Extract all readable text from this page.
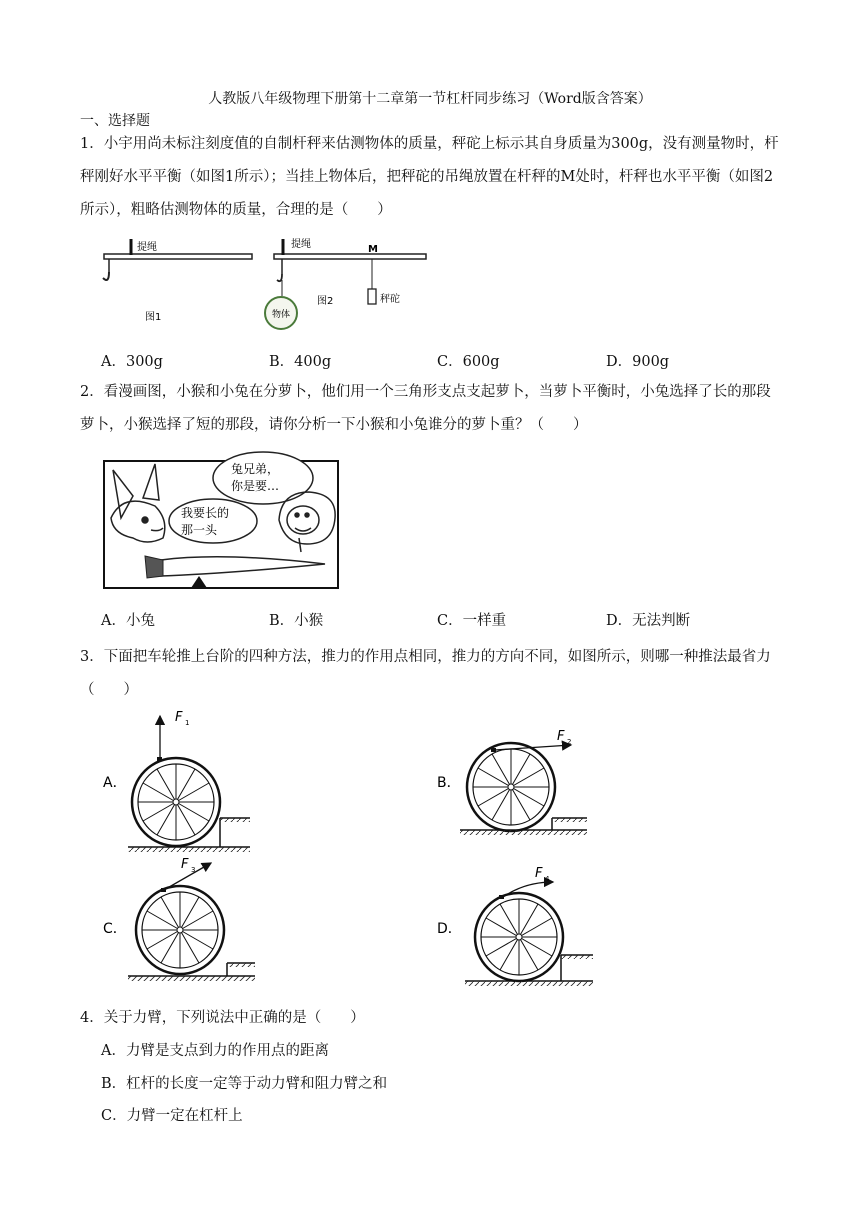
人教版八年级物理下册第十二章第一节杠杆同步练习（Word版含答案）
一、选择题
1．小宇用尚未标注刻度值的自制杆秤来估测物体的质量，秤砣上标示其自身质量为300g，没有测量物时，杆秤刚好水平平衡（如图1所示）；当挂上物体后，把秤砣的吊绳放置在杆秤的M处时，杆秤也水平平衡（如图2所示），粗略估测物体的质量，合理的是（　　）
提绳
图1
提绳	M
物体
图2	秤砣
A．300g	B．400g	C．600g	D．900g
2．看漫画图，小猴和小兔在分萝卜，他们用一个三角形支点支起萝卜，当萝卜平衡时，小兔选择了长的那段萝卜，小猴选择了短的那段，请你分析一下小猴和小兔谁分的萝卜重？（　　）
兔兄弟，
你是要…
我要长的
那一头
A．小兔	B．小猴	C．一样重	D．无法判断
3．下面把车轮推上台阶的四种方法，推力的作用点相同，推力的方向不同，如图所示，则哪一种推法最省力（　　）
A．
F 1
B．
F 2
C．
F 3
D．
F 4
4．关于力臂，下列说法中正确的是（　　）
A．力臂是支点到力的作用点的距离
B．杠杆的长度一定等于动力臂和阻力臂之和
C．力臂一定在杠杆上
